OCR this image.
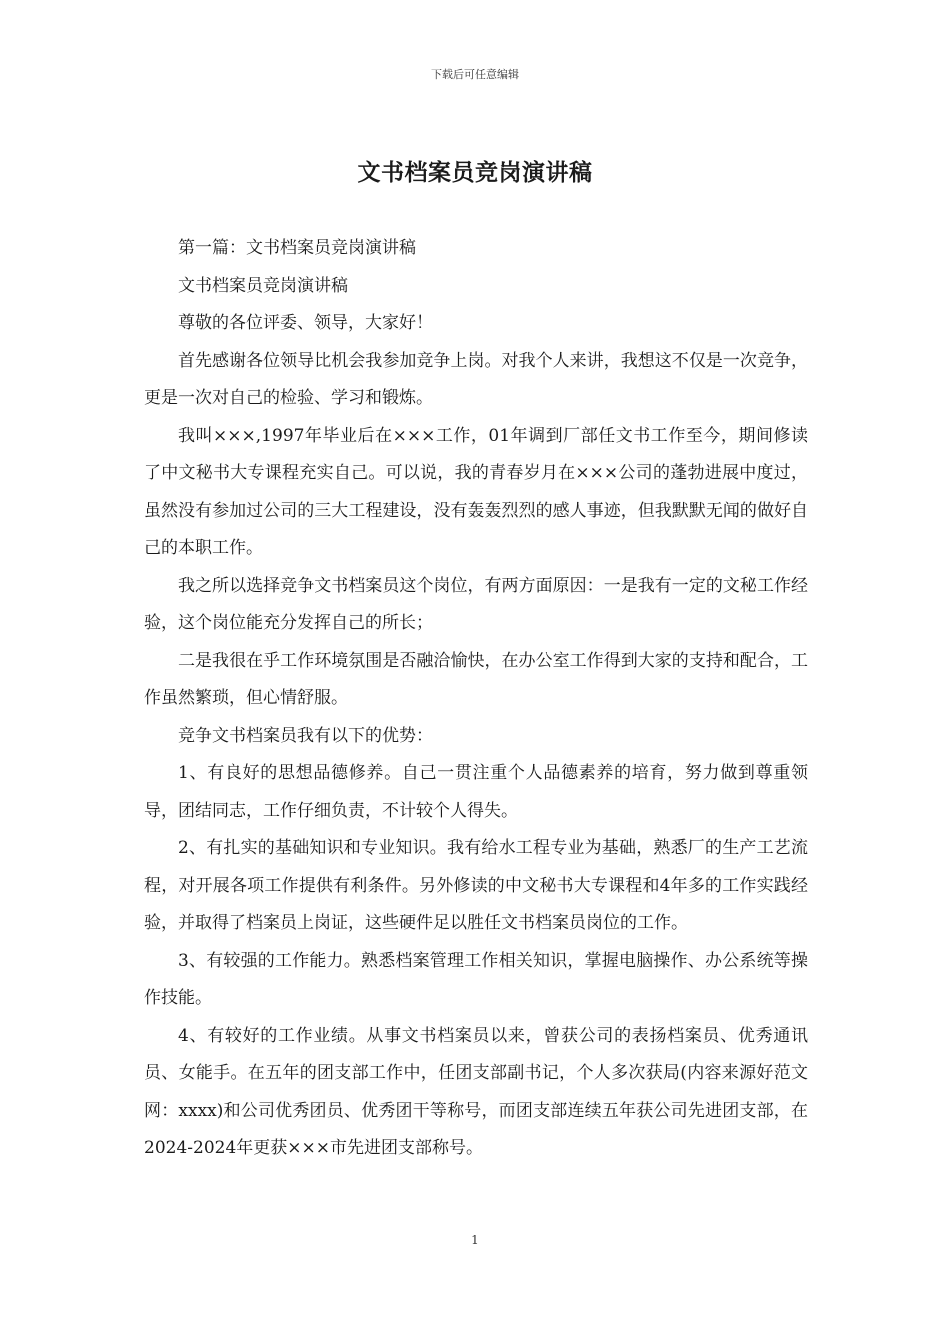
下载后可任意编辑
文书档案员竞岗演讲稿

第一篇：文书档案员竞岗演讲稿

文书档案员竞岗演讲稿

尊敬的各位评委、领导，大家好！

首先感谢各位领导比机会我参加竞争上岗。对我个人来讲，我想这不仅是一次竞争，更是一次对自己的检验、学习和锻炼。

我叫×××,1997年毕业后在×××工作，01年调到厂部任文书工作至今，期间修读了中文秘书大专课程充实自己。可以说，我的青春岁月在×××公司的蓬勃进展中度过，虽然没有参加过公司的三大工程建设，没有轰轰烈烈的感人事迹，但我默默无闻的做好自己的本职工作。

我之所以选择竞争文书档案员这个岗位，有两方面原因：一是我有一定的文秘工作经验，这个岗位能充分发挥自己的所长；

二是我很在乎工作环境氛围是否融洽愉快，在办公室工作得到大家的支持和配合，工作虽然繁琐，但心情舒服。

竞争文书档案员我有以下的优势：

1、有良好的思想品德修养。自己一贯注重个人品德素养的培育，努力做到尊重领导，团结同志，工作仔细负责，不计较个人得失。

2、有扎实的基础知识和专业知识。我有给水工程专业为基础，熟悉厂的生产工艺流程，对开展各项工作提供有利条件。另外修读的中文秘书大专课程和4年多的工作实践经验，并取得了档案员上岗证，这些硬件足以胜任文书档案员岗位的工作。

3、有较强的工作能力。熟悉档案管理工作相关知识，掌握电脑操作、办公系统等操作技能。

4、有较好的工作业绩。从事文书档案员以来，曾获公司的表扬档案员、优秀通讯员、女能手。在五年的团支部工作中，任团支部副书记，个人多次获局(内容来源好范文网：xxxx)和公司优秀团员、优秀团干等称号，而团支部连续五年获公司先进团支部，在2024-2024年更获×××市先进团支部称号。

1
